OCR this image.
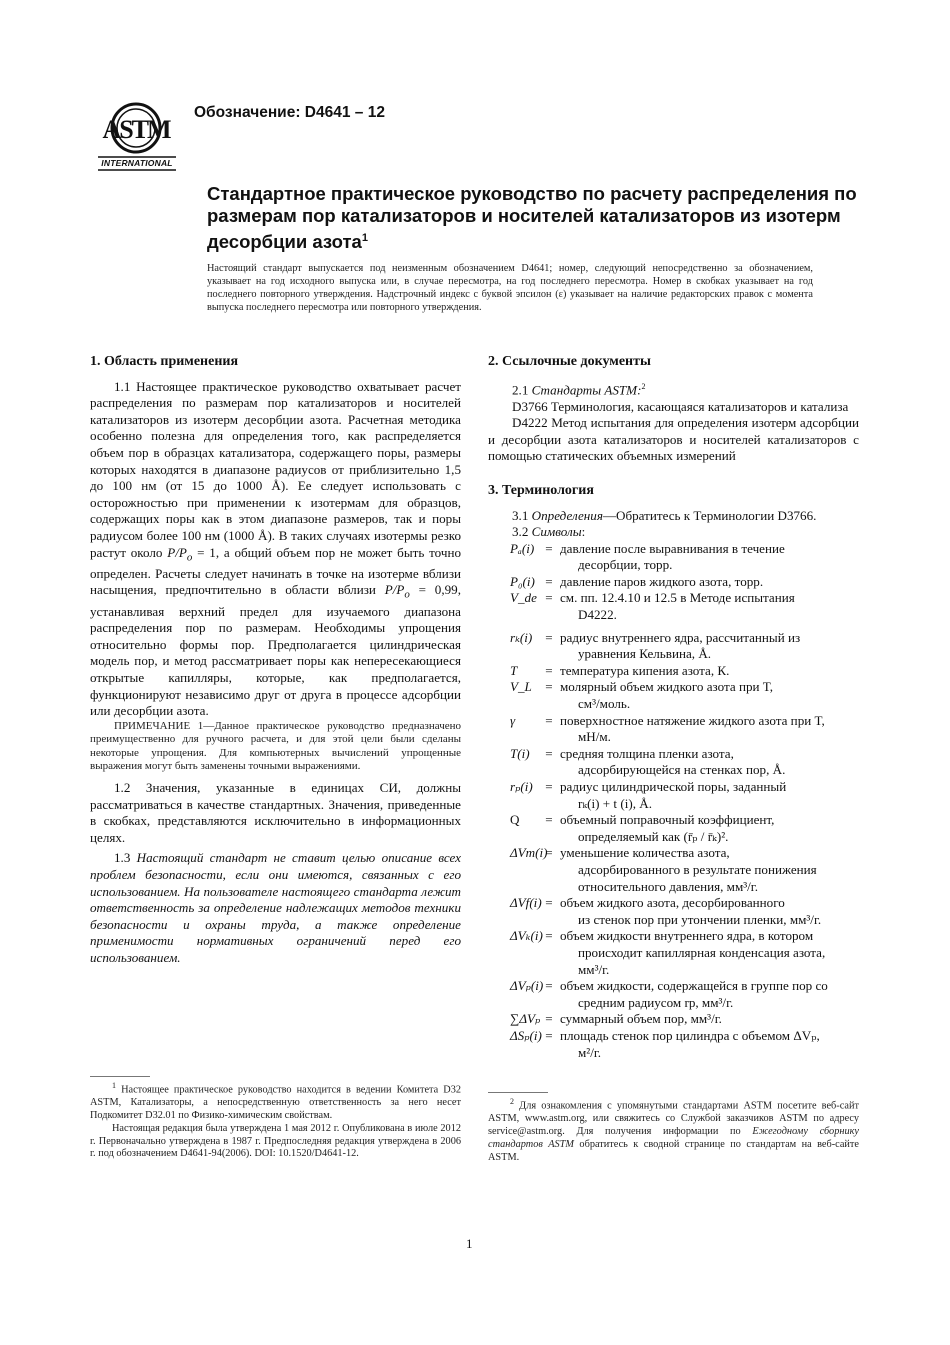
ASTM
INTERNATIONAL
Обозначение: D4641 – 12
Стандартное практическое руководство по расчету распределения по размерам пор катализаторов и носителей катализаторов из изотерм десорбции азота$^1$
Настоящий стандарт выпускается под неизменным обозначением D4641; номер, следующий непосредственно за обозначением, указывает на год исходного выпуска или, в случае пересмотра, на год последнего пересмотра. Номер в скобках указывает на год последнего повторного утверждения. Надстрочный индекс с буквой эпсилон (ε) указывает на наличие редакторских правок с момента выпуска последнего пересмотра или повторного утверждения.
1. Область применения

1.1 Настоящее практическое руководство охватывает расчет распределения по размерам пор катализаторов и носителей катализаторов из изотерм десорбции азота. Расчетная методика особенно полезна для определения того, как распределяется объем пор в образцах катализатора, содержащего поры, размеры которых находятся в диапазоне радиусов от приблизительно 1,5 до 100 нм (от 15 до 1000 Å). Ее следует использовать с осторожностью при применении к изотермам для образцов, содержащих поры как в этом диапазоне размеров, так и поры радиусом более 100 нм (1000 Å). В таких случаях изотермы резко растут около $P/P_o = 1$, а общий объем пор не может быть точно определен. Расчеты следует начинать в точке на изотерме вблизи насыщения, предпочтительно в области вблизи $P/P_o = 0,99$, устанавливая верхний предел для изучаемого диапазона распределения пор по размерам. Необходимы упрощения относительно формы пор. Предполагается цилиндрическая модель пор, и метод рассматривает поры как непересекающиеся открытые капилляры, которые, как предполагается, функционируют независимо друг от друга в процессе адсорбции или десорбции азота.

ПРИМЕЧАНИЕ 1—Данное практическое руководство предназначено преимущественно для ручного расчета, и для этой цели были сделаны некоторые упрощения. Для компьютерных вычислений упрощенные выражения могут быть заменены точными выражениями.

1.2 Значения, указанные в единицах СИ, должны рассматриваться в качестве стандартных. Значения, приведенные в скобках, представляются исключительно в информационных целях.

1.3 Настоящий стандарт не ставит целью описание всех проблем безопасности, если они имеются, связанных с его использованием. На пользователе настоящего стандарта лежит ответственность за определение надлежащих методов техники безопасности и охраны труда, а также определение применимости нормативных ограничений перед его использованием.

$^1$ Настоящее практическое руководство находится в ведении Комитета D32 ASTM, Катализаторы, а непосредственную ответственность за него несет Подкомитет D32.01 по Физико-химическим свойствам.

Настоящая редакция была утверждена 1 мая 2012 г. Опубликована в июле 2012 г. Первоначально утверждена в 1987 г. Предпоследняя редакция утверждена в 2006 г. под обозначением D4641-94(2006). DOI: 10.1520/D4641-12.

2. Ссылочные документы

2.1 Стандарты ASTM:$^2$

D3766 Терминология, касающаяся катализаторов и катализа

D4222 Метод испытания для определения изотерм адсорбции и десорбции азота катализаторов и носителей катализаторов с помощью статических объемных измерений

3. Терминология

3.1 Определения—Обратитесь к Терминологии D3766.

3.2 Символы:

Pₐ(i) = давление после выравнивания в течение
десорбции, торр.
P₀(i) = давление паров жидкого азота, торр.
V_de = см. пп. 12.4.10 и 12.5 в Методе испытания
D4222.
rₖ(i) = радиус внутреннего ядра, рассчитанный из
уравнения Кельвина, Å.
T	= температура кипения азота, К.
V_L	= молярный объем жидкого азота при T,
см³/моль.
γ	= поверхностное натяжение жидкого азота при T,
мН/м.
T(i)	= средняя толщина пленки азота,
адсорбирующейся на стенках пор, Å.
rₚ(i) = радиус цилиндрической поры, заданный
rₖ(i) + t (i), Å.
Q	= объемный поправочный коэффициент,
определяемый как (r̄ₚ / r̄ₖ)².
ΔVт(i)
= уменьшение количества азота,
адсорбированного в результате понижения
относительного давления, мм³/г.
ΔVf(i) = объем жидкого азота, десорбированного
из стенок пор при утончении пленки, мм³/г.
ΔVₖ(i) = объем жидкости внутреннего ядра, в котором
происходит капиллярная конденсация азота,
мм³/г.
ΔVₚ(i) = объем жидкости, содержащейся в группе пор со
средним радиусом rp, мм³/г.
∑ΔVₚ = суммарный объем пор, мм³/г.
ΔSₚ(i) = площадь стенок пор цилиндра с объемом ΔVₚ,
м²/г.

$^2$ Для ознакомления с упомянутыми стандартами ASTM посетите веб-сайт ASTM, www.astm.org, или свяжитесь со Службой заказчиков ASTM по адресу service@astm.org. Для получения информации по Ежегодному сборнику стандартов ASTM обратитесь к сводной странице по стандартам на веб-сайте ASTM.

1
